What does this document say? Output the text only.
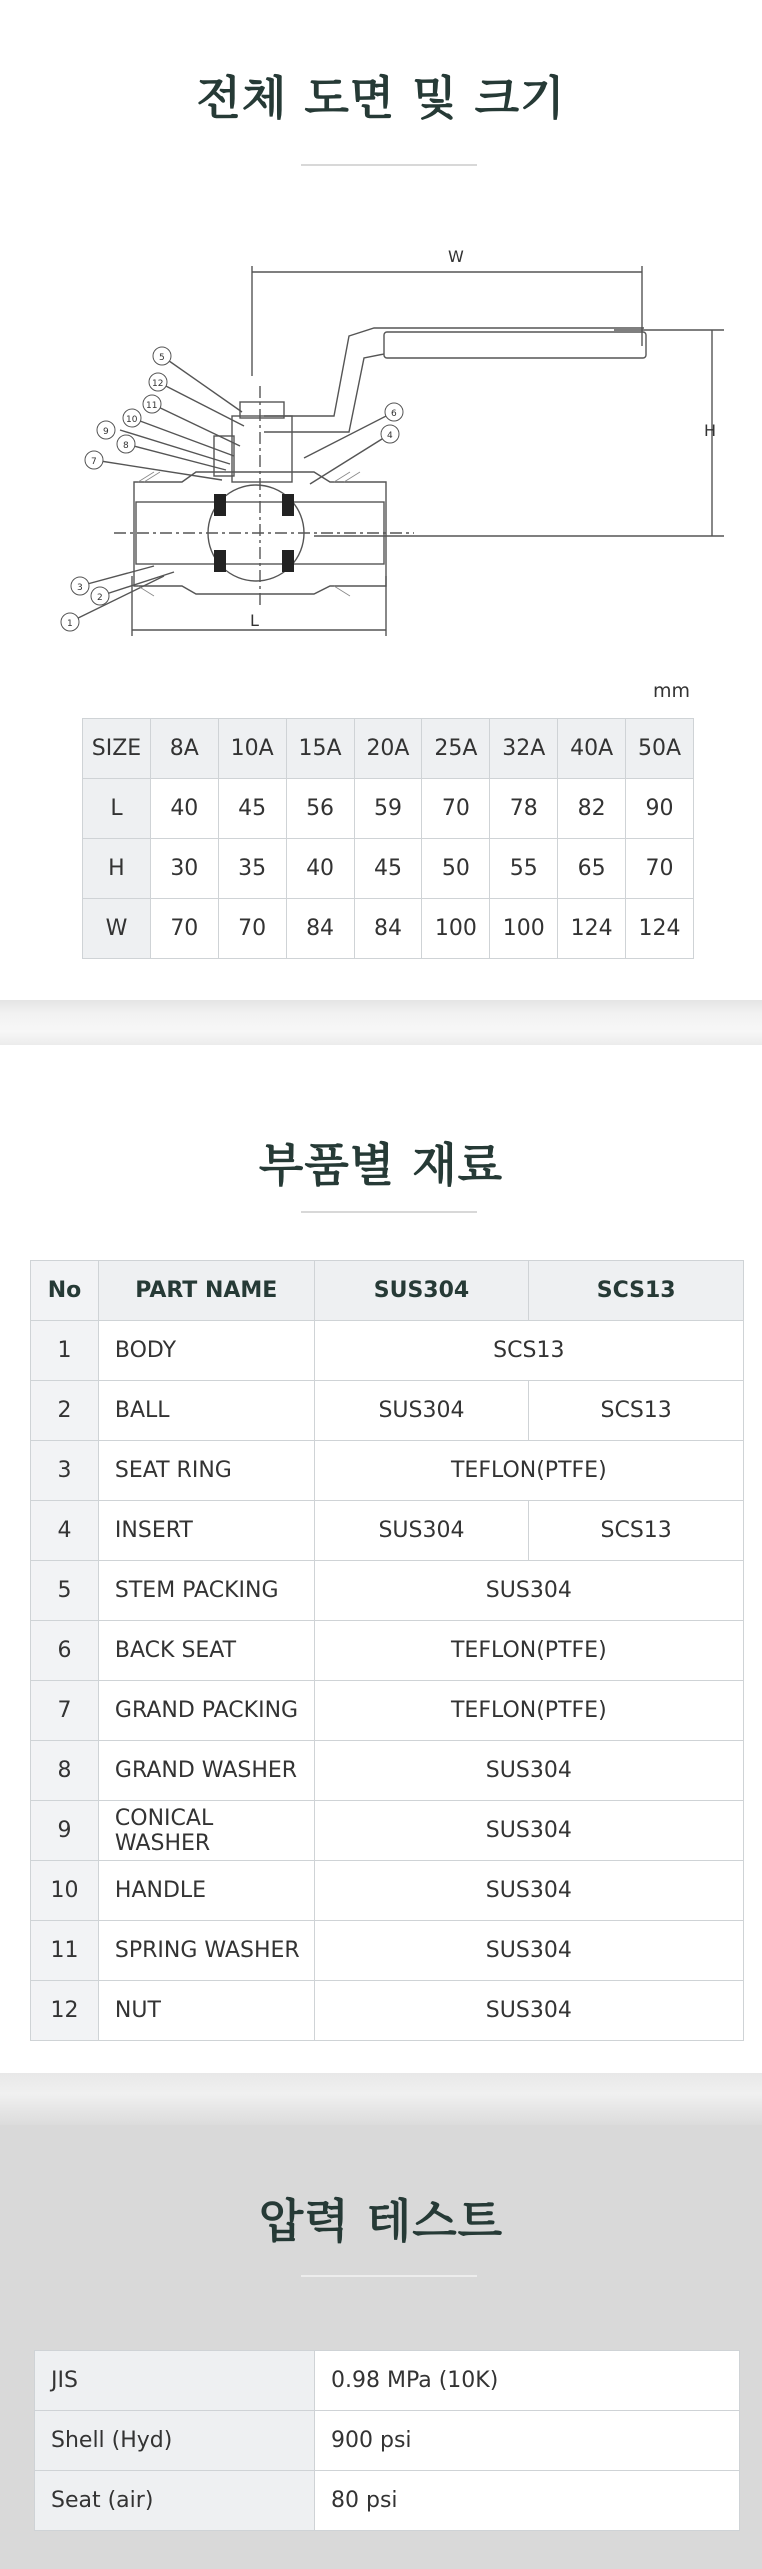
전체 도면 및 크기
W
H
L
1
2
3
4
5
6
7
8
9
10
11
12
mm
SIZE	8A	10A	15A	20A	25A	32A	40A	50A
L	40	45	56	59	70	78	82	90
H	30	35	40	45	50	55	65	70
W	70	70	84	84	100	100	124	124
부품별 재료
No	PART NAME	SUS304	SCS13
1	BODY	SCS13	
2	BALL	SUS304	SCS13
3	SEAT RING	TEFLON(PTFE)	
4	INSERT	SUS304	SCS13
5	STEM PACKING	SUS304	
6	BACK SEAT	TEFLON(PTFE)	
7	GRAND PACKING	TEFLON(PTFE)	
8	GRAND WASHER	SUS304	
9	CONICAL WASHER	SUS304	
10	HANDLE	SUS304	
11	SPRING WASHER	SUS304	
12	NUT	SUS304	
압력 테스트
JIS	0.98 MPa (10K)
Shell (Hyd)	900 psi
Seat (air)	80 psi
